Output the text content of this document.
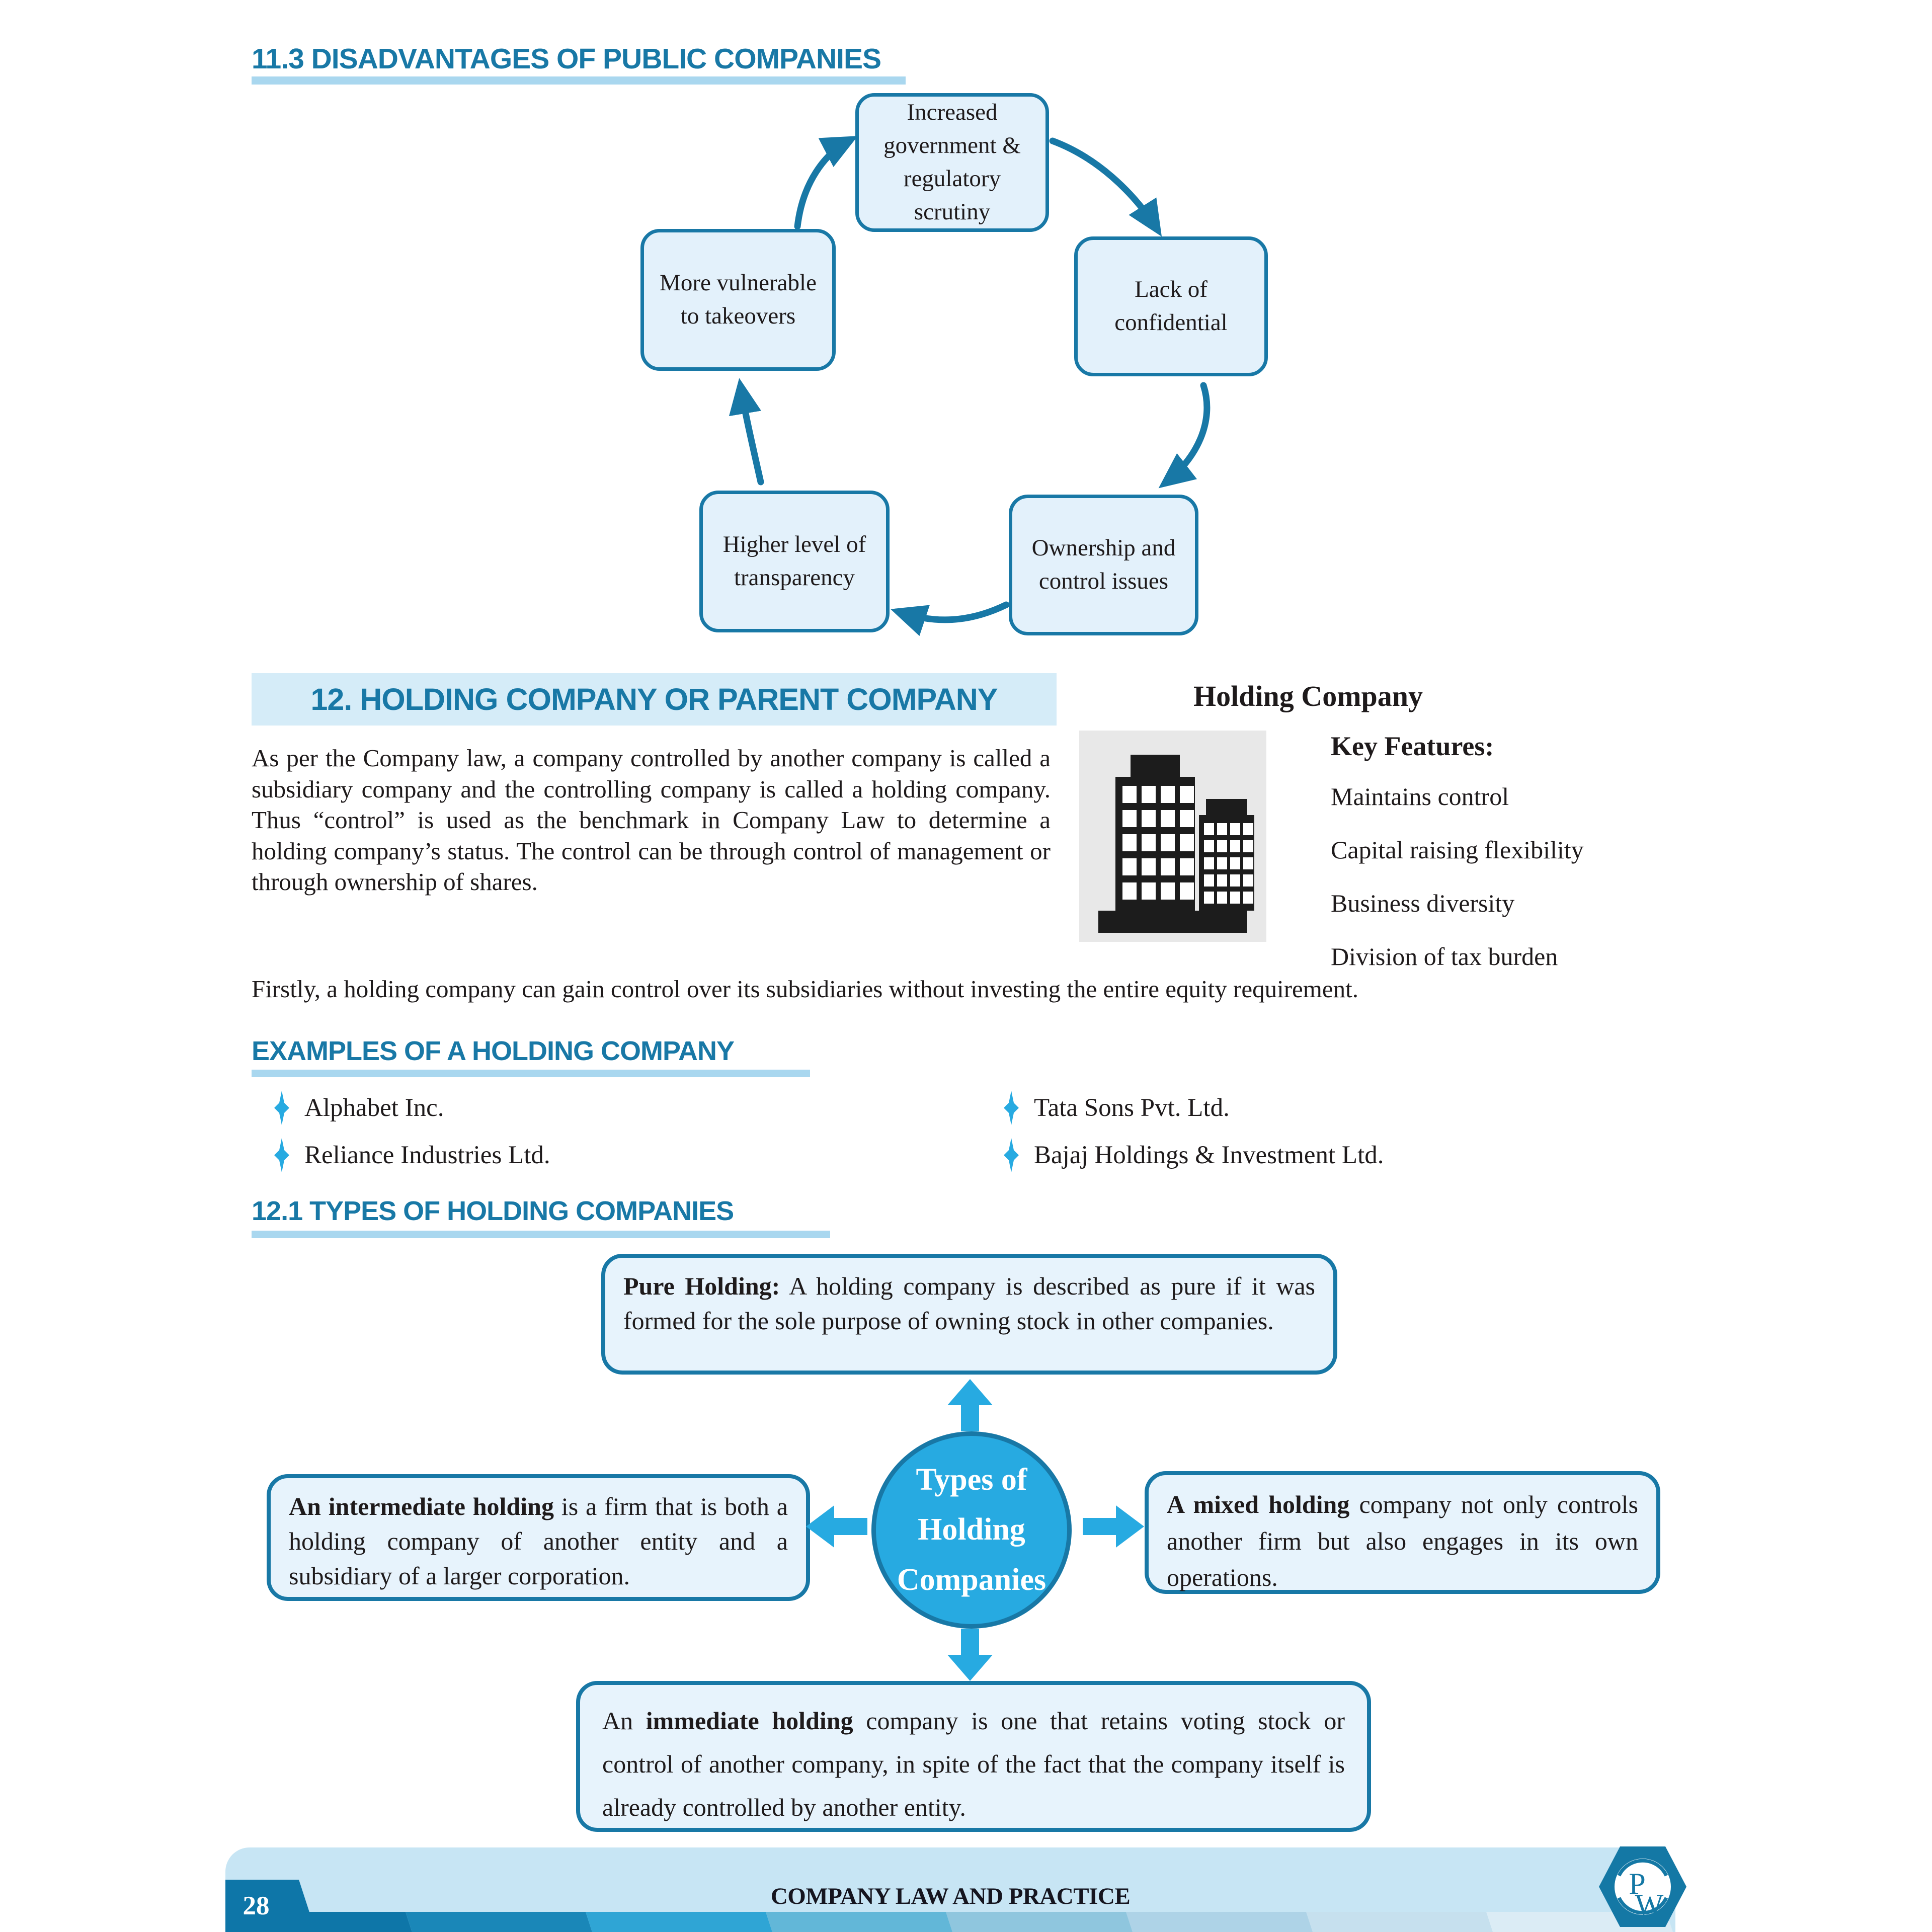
11.3 DISADVANTAGES OF PUBLIC COMPANIES
Increased government & regulatory scrutiny
More vulnerable to takeovers
Lack of confidential
Higher level of transparency
Ownership and control issues
12. HOLDING COMPANY OR PARENT COMPANY

As per the Company law, a company controlled by another company is called a subsidiary company and the controlling company is called a holding company. Thus “control” is used as the benchmark in Company Law to determine a holding company’s status. The control can be through control of management or through ownership of shares.

Firstly, a holding company can gain control over its subsidiaries without investing the entire equity requirement.

Holding Company
Key Features:
Maintains control
Capital raising flexibility
Business diversity
Division of tax burden
EXAMPLES OF A HOLDING COMPANY
Alphabet Inc.
Reliance Industries Ltd.
Tata Sons Pvt. Ltd.
Bajaj Holdings & Investment Ltd.
12.1 TYPES OF HOLDING COMPANIES
Pure Holding: A holding company is described as pure if it was formed for the sole purpose of owning stock in other companies.
An intermediate holding is a firm that is both a holding company of another entity and a subsidiary of a larger corporation.
A mixed holding company not only controls another firm but also engages in its own operations.
An immediate holding company is one that retains voting stock or control of another company, in spite of the fact that the company itself is already controlled by another entity.
Types of Holding Companies
COMPANY LAW AND PRACTICE
28
P
W
